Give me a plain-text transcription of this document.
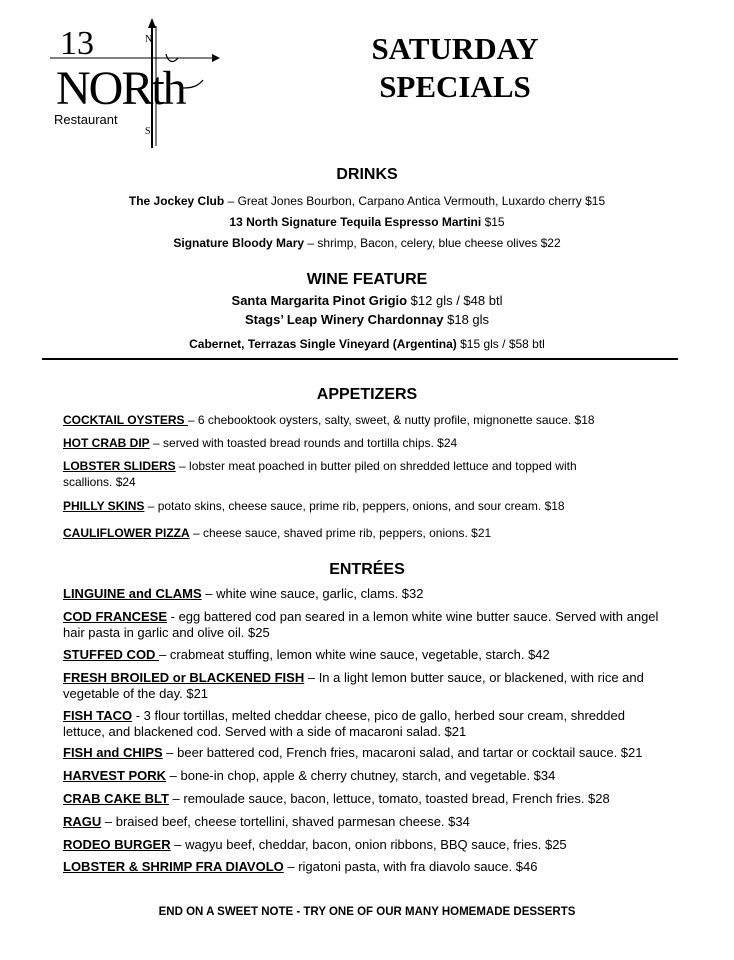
13
NORth
Restaurant
N
S
SATURDAY
SPECIALS
DRINKS
The Jockey Club – Great Jones Bourbon, Carpano Antica Vermouth, Luxardo cherry $15
13 North Signature Tequila Espresso Martini $15
Signature Bloody Mary – shrimp, Bacon, celery, blue cheese olives $22
WINE FEATURE
Santa Margarita Pinot Grigio $12 gls / $48 btl
Stags’ Leap Winery Chardonnay $18 gls
Cabernet, Terrazas Single Vineyard (Argentina) $15 gls / $58 btl
APPETIZERS
COCKTAIL OYSTERS – 6 chebooktook oysters, salty, sweet, & nutty profile, mignonette sauce. $18
HOT CRAB DIP – served with toasted bread rounds and tortilla chips. $24
LOBSTER SLIDERS – lobster meat poached in butter piled on shredded lettuce and topped with scallions. $24
PHILLY SKINS – potato skins, cheese sauce, prime rib, peppers, onions, and sour cream. $18
CAULIFLOWER PIZZA – cheese sauce, shaved prime rib, peppers, onions. $21
ENTRÉES
LINGUINE and CLAMS – white wine sauce, garlic, clams. $32
COD FRANCESE - egg battered cod pan seared in a lemon white wine butter sauce. Served with angel hair pasta in garlic and olive oil. $25
STUFFED COD – crabmeat stuffing, lemon white wine sauce, vegetable, starch. $42
FRESH BROILED or BLACKENED FISH – In a light lemon butter sauce, or blackened, with rice and vegetable of the day. $21
FISH TACO - 3 flour tortillas, melted cheddar cheese, pico de gallo, herbed sour cream, shredded lettuce, and blackened cod. Served with a side of macaroni salad. $21
FISH and CHIPS – beer battered cod, French fries, macaroni salad, and tartar or cocktail sauce. $21
HARVEST PORK – bone-in chop, apple & cherry chutney, starch, and vegetable. $34
CRAB CAKE BLT – remoulade sauce, bacon, lettuce, tomato, toasted bread, French fries. $28
RAGU – braised beef, cheese tortellini, shaved parmesan cheese. $34
RODEO BURGER – wagyu beef, cheddar, bacon, onion ribbons, BBQ sauce, fries. $25
LOBSTER & SHRIMP FRA DIAVOLO – rigatoni pasta, with fra diavolo sauce. $46
END ON A SWEET NOTE - TRY ONE OF OUR MANY HOMEMADE DESSERTS
